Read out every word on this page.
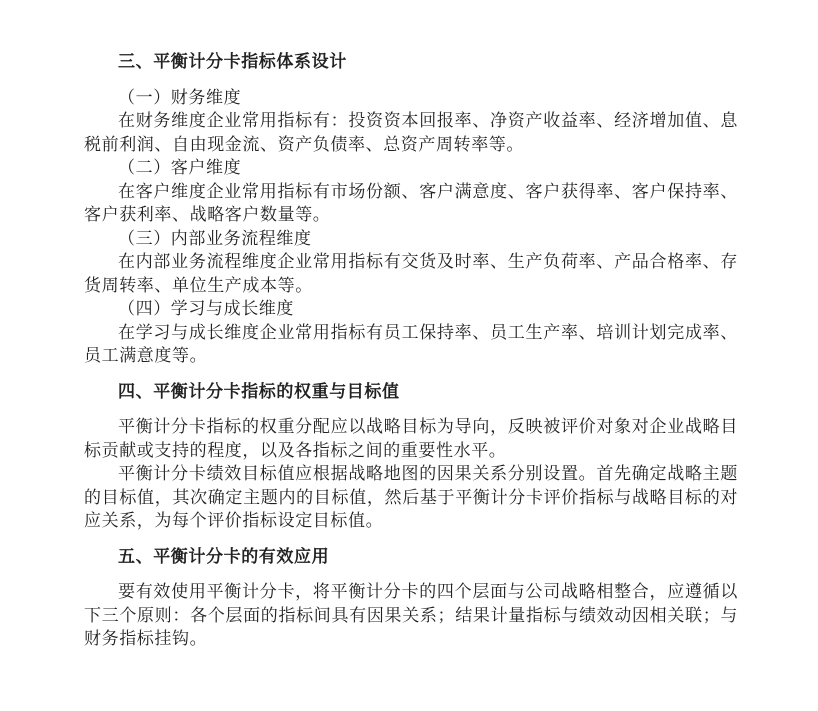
三、平衡计分卡指标体系设计

（一）财务维度

在财务维度企业常用指标有：投资资本回报率、净资产收益率、经济增加值、息税前利润、自由现金流、资产负债率、总资产周转率等。

（二）客户维度

在客户维度企业常用指标有市场份额、客户满意度、客户获得率、客户保持率、客户获利率、战略客户数量等。

（三）内部业务流程维度

在内部业务流程维度企业常用指标有交货及时率、生产负荷率、产品合格率、存货周转率、单位生产成本等。

（四）学习与成长维度

在学习与成长维度企业常用指标有员工保持率、员工生产率、培训计划完成率、员工满意度等。

四、平衡计分卡指标的权重与目标值

平衡计分卡指标的权重分配应以战略目标为导向，反映被评价对象对企业战略目标贡献或支持的程度，以及各指标之间的重要性水平。

平衡计分卡绩效目标值应根据战略地图的因果关系分别设置。首先确定战略主题的目标值，其次确定主题内的目标值，然后基于平衡计分卡评价指标与战略目标的对应关系，为每个评价指标设定目标值。

五、平衡计分卡的有效应用

要有效使用平衡计分卡，将平衡计分卡的四个层面与公司战略相整合，应遵循以下三个原则：各个层面的指标间具有因果关系；结果计量指标与绩效动因相关联；与财务指标挂钩。
